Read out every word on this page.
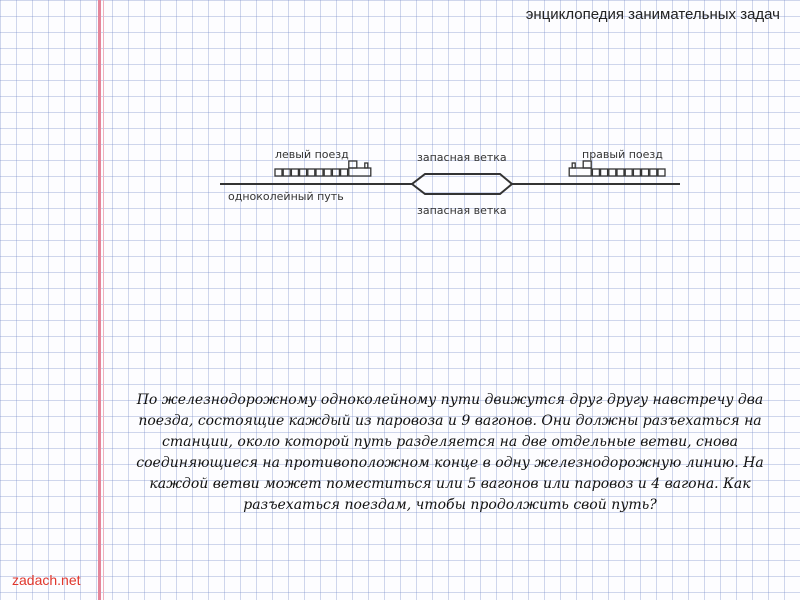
энциклопедия занимательных задач
левый поезд	правый поезд
запасная ветка
запасная ветка
одноколейный путь
По железнодорожному одноколейному пути движутся друг другу навстречу два поезда, состоящие каждый из паровоза и 9 вагонов. Они должны разъехаться на станции, около которой путь разделяется на две отдельные ветви, снова соединяющиеся на противоположном конце в одну железнодорожную линию. На каждой ветви может поместиться или 5 вагонов или паровоз и 4 вагона. Как разъехаться поездам, чтобы продолжить свой путь?
zadach.net
